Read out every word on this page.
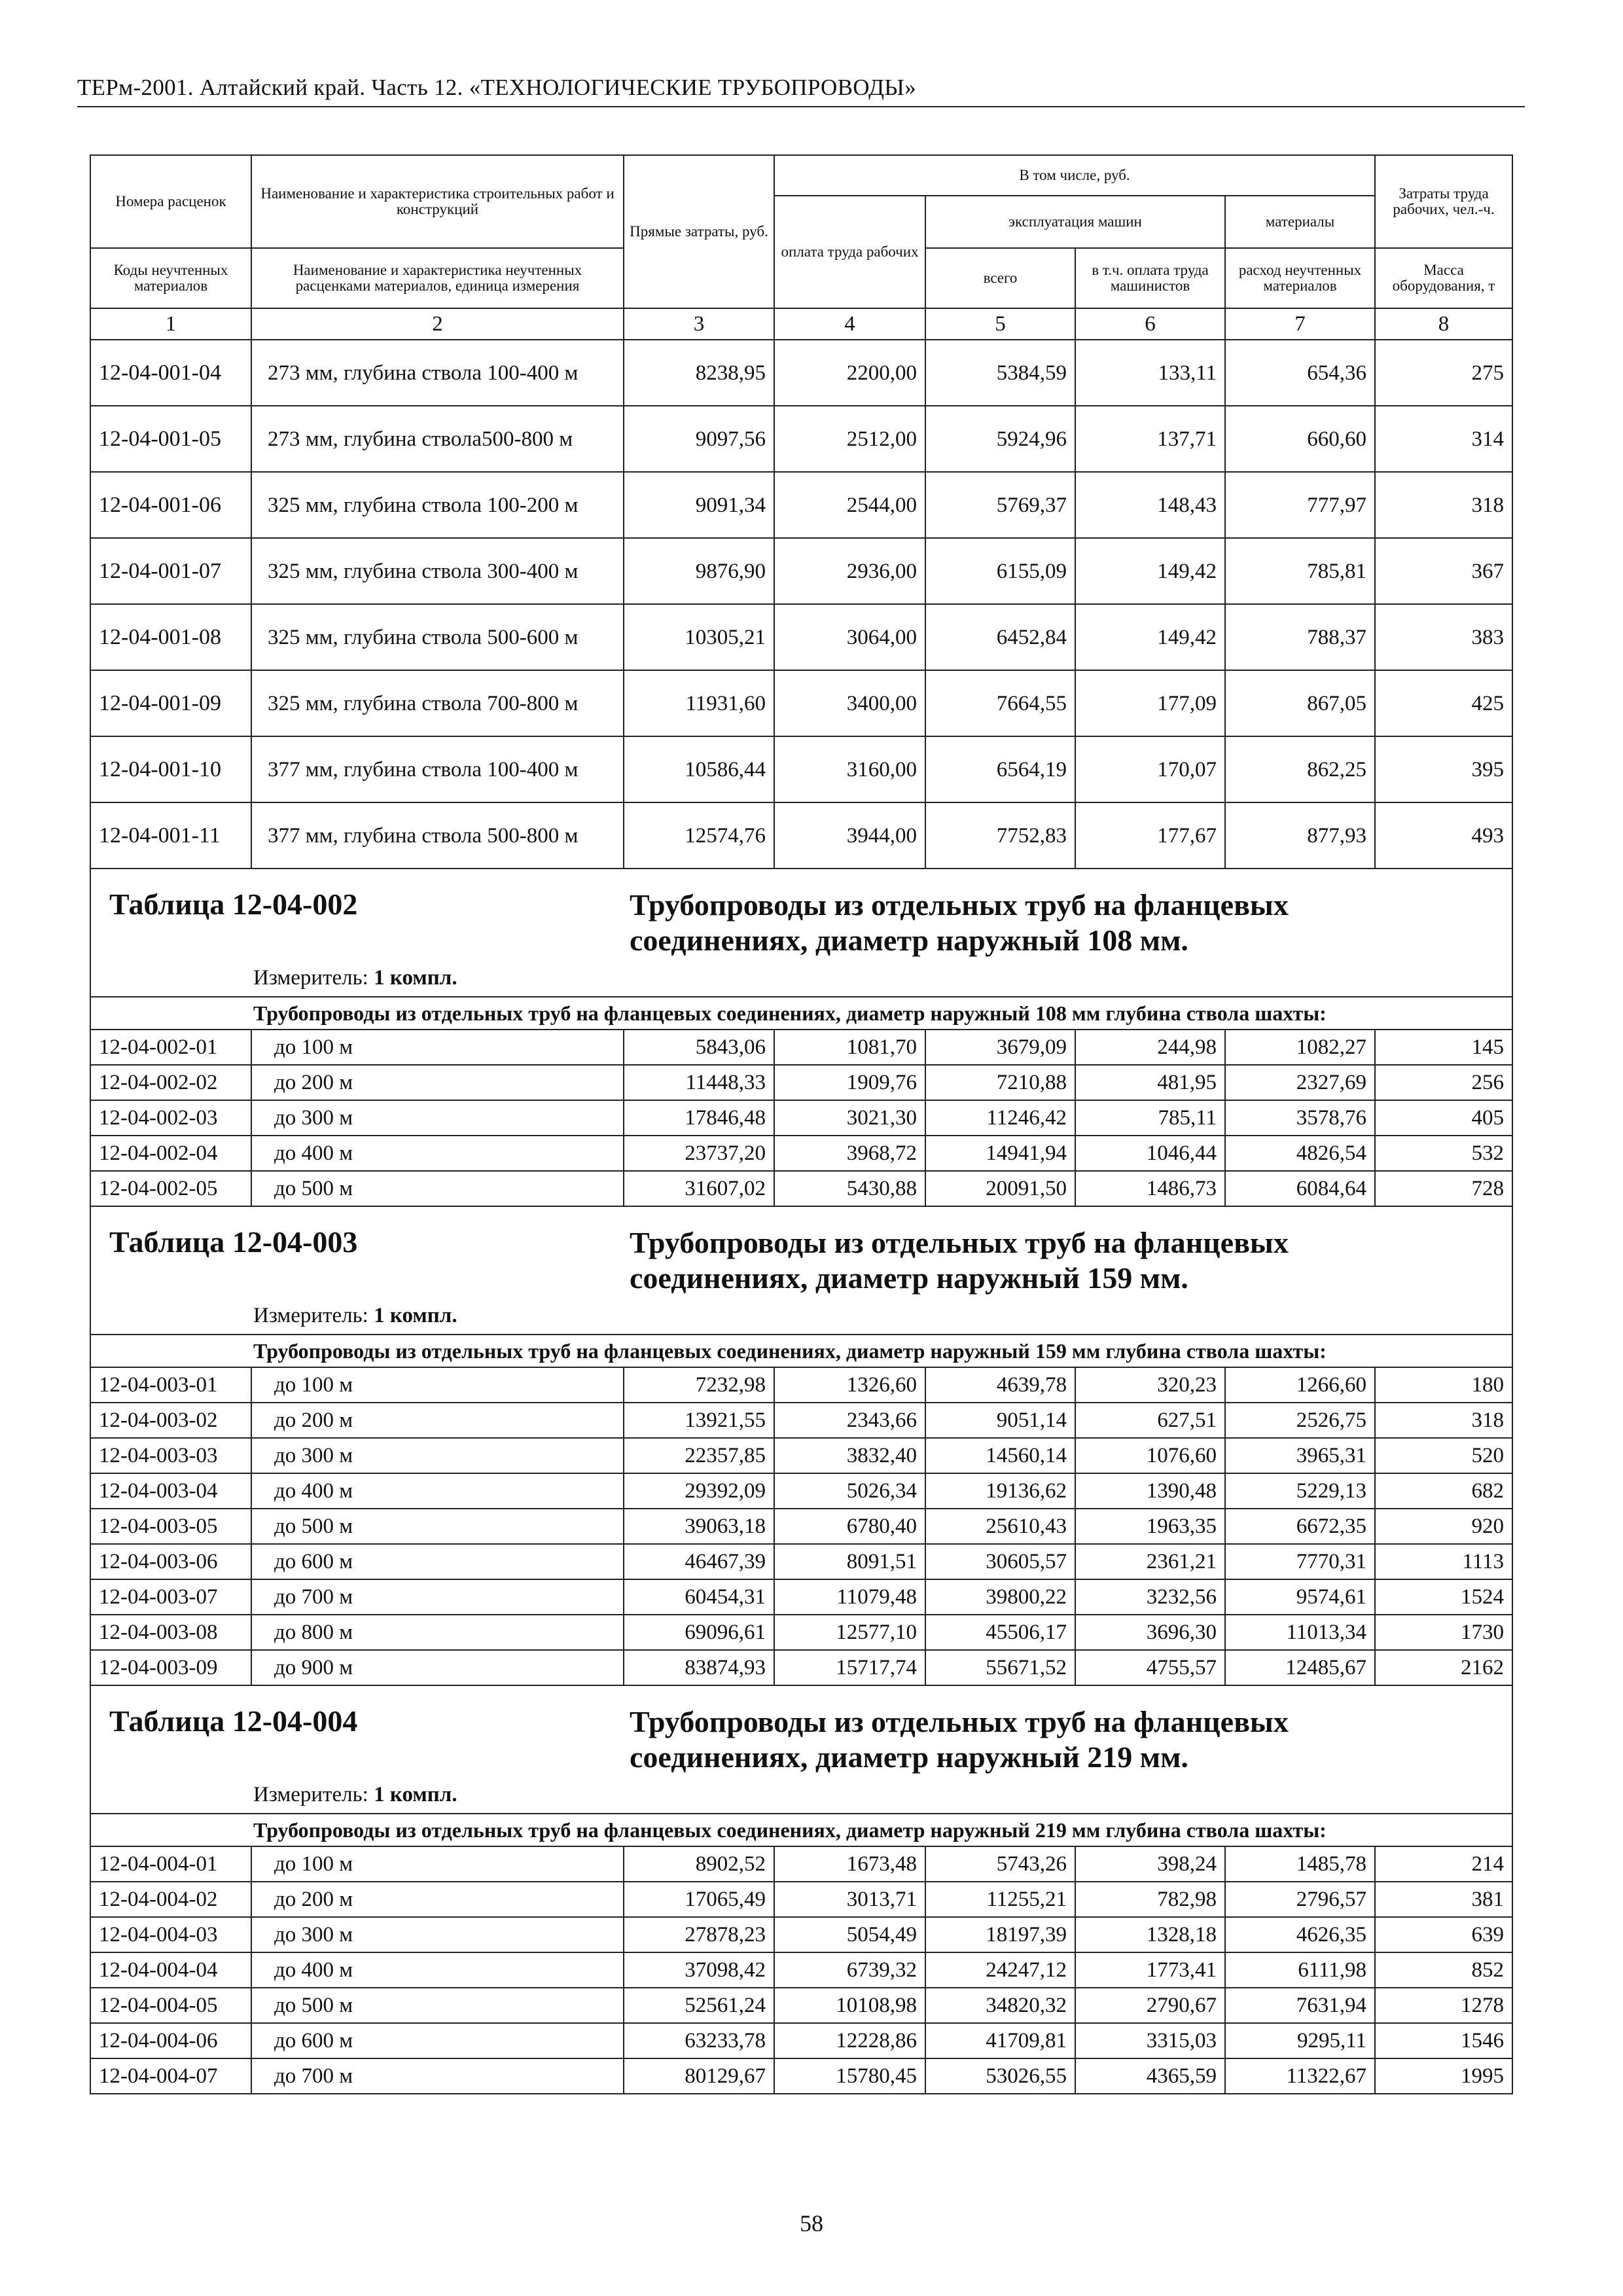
ТЕРм-2001. Алтайский край. Часть 12. «ТЕХНОЛОГИЧЕСКИЕ ТРУБОПРОВОДЫ»
Номера расценок	Наименование и характеристика строительных работ и конструкций	Прямые затраты, руб.	В том числе, руб.				Затраты труда рабочих, чел.-ч.
			оплата труда рабочих	эксплуатация машин		материалы	
Коды неучтенных материалов	Наименование и характеристика неучтенных расценками материалов, единица измерения			всего	в т.ч. оплата труда машинистов	расход неучтенных материалов	Масса оборудования, т
1	2	3	4	5	6	7	8
12-04-001-04	273 мм, глубина ствола 100-400 м	8238,95	2200,00	5384,59	133,11	654,36	275
12-04-001-05	273 мм, глубина ствола500-800 м	9097,56	2512,00	5924,96	137,71	660,60	314
12-04-001-06	325 мм, глубина ствола 100-200 м	9091,34	2544,00	5769,37	148,43	777,97	318
12-04-001-07	325 мм, глубина ствола 300-400 м	9876,90	2936,00	6155,09	149,42	785,81	367
12-04-001-08	325 мм, глубина ствола 500-600 м	10305,21	3064,00	6452,84	149,42	788,37	383
12-04-001-09	325 мм, глубина ствола 700-800 м	11931,60	3400,00	7664,55	177,09	867,05	425
12-04-001-10	377 мм, глубина ствола 100-400 м	10586,44	3160,00	6564,19	170,07	862,25	395
12-04-001-11	377 мм, глубина ствола 500-800 м	12574,76	3944,00	7752,83	177,67	877,93	493

Таблица 12-04-002 Трубопроводы из отдельных труб на фланцевых соединениях, диаметр наружный 108 мм.
Измеритель: 1 компл.							

Трубопроводы из отдельных труб на фланцевых соединениях, диаметр наружный 108 мм глубина ствола шахты:							
12-04-002-01	до 100 м	5843,06	1081,70	3679,09	244,98	1082,27	145
12-04-002-02	до 200 м	11448,33	1909,76	7210,88	481,95	2327,69	256
12-04-002-03	до 300 м	17846,48	3021,30	11246,42	785,11	3578,76	405
12-04-002-04	до 400 м	23737,20	3968,72	14941,94	1046,44	4826,54	532
12-04-002-05	до 500 м	31607,02	5430,88	20091,50	1486,73	6084,64	728

Таблица 12-04-003 Трубопроводы из отдельных труб на фланцевых соединениях, диаметр наружный 159 мм.
Измеритель: 1 компл.							

Трубопроводы из отдельных труб на фланцевых соединениях, диаметр наружный 159 мм глубина ствола шахты:							
12-04-003-01	до 100 м	7232,98	1326,60	4639,78	320,23	1266,60	180
12-04-003-02	до 200 м	13921,55	2343,66	9051,14	627,51	2526,75	318
12-04-003-03	до 300 м	22357,85	3832,40	14560,14	1076,60	3965,31	520
12-04-003-04	до 400 м	29392,09	5026,34	19136,62	1390,48	5229,13	682
12-04-003-05	до 500 м	39063,18	6780,40	25610,43	1963,35	6672,35	920
12-04-003-06	до 600 м	46467,39	8091,51	30605,57	2361,21	7770,31	1113
12-04-003-07	до 700 м	60454,31	11079,48	39800,22	3232,56	9574,61	1524
12-04-003-08	до 800 м	69096,61	12577,10	45506,17	3696,30	11013,34	1730
12-04-003-09	до 900 м	83874,93	15717,74	55671,52	4755,57	12485,67	2162

Таблица 12-04-004 Трубопроводы из отдельных труб на фланцевых соединениях, диаметр наружный 219 мм.
Измеритель: 1 компл.							

Трубопроводы из отдельных труб на фланцевых соединениях, диаметр наружный 219 мм глубина ствола шахты:							
12-04-004-01	до 100 м	8902,52	1673,48	5743,26	398,24	1485,78	214
12-04-004-02	до 200 м	17065,49	3013,71	11255,21	782,98	2796,57	381
12-04-004-03	до 300 м	27878,23	5054,49	18197,39	1328,18	4626,35	639
12-04-004-04	до 400 м	37098,42	6739,32	24247,12	1773,41	6111,98	852
12-04-004-05	до 500 м	52561,24	10108,98	34820,32	2790,67	7631,94	1278
12-04-004-06	до 600 м	63233,78	12228,86	41709,81	3315,03	9295,11	1546
12-04-004-07	до 700 м	80129,67	15780,45	53026,55	4365,59	11322,67	1995
58
